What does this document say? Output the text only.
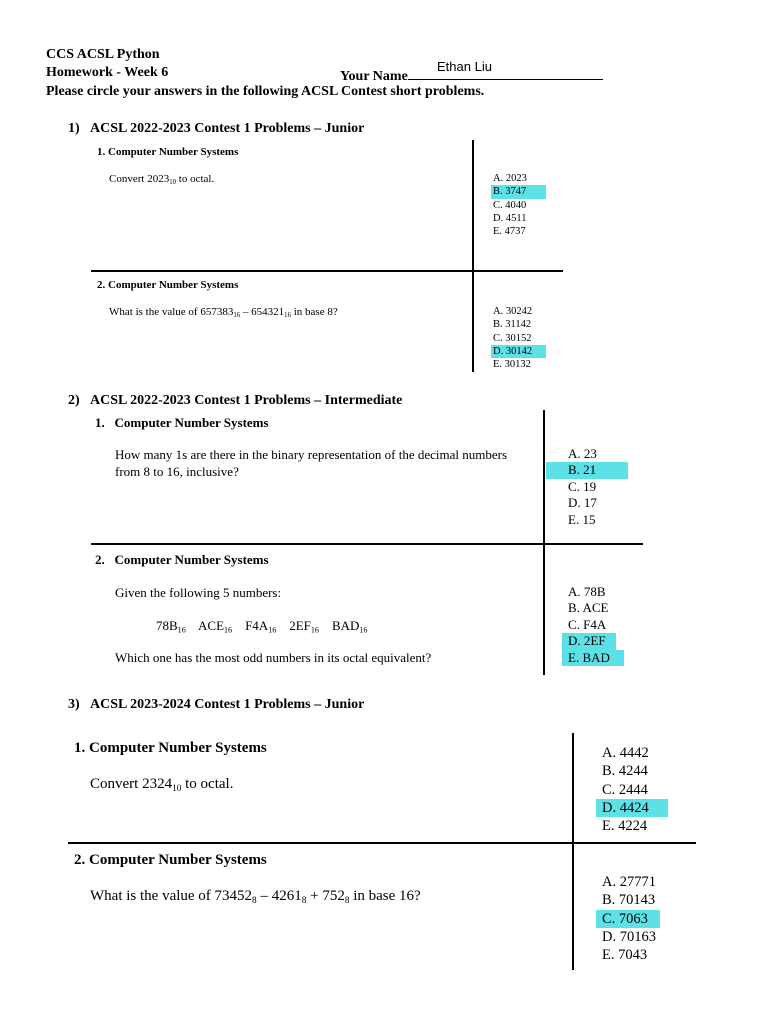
CCS ACSL Python
Homework - Week 6	Your Name
Ethan Liu
Please circle your answers in the following ACSL Contest short problems.
1) ACSL 2022-2023 Contest 1 Problems – Junior
1. Computer Number Systems
Convert $2023_{10}$ to octal.	A. 2023
B. 3747
C. 4040
D. 4511
E. 4737
2. Computer Number Systems
What is the value of $657383_{16} - 654321_{16}$ in base 8?	A. 30242
B. 31142
C. 30152
D. 30142
E. 30132
2) ACSL 2022-2023 Contest 1 Problems – Intermediate
1. Computer Number Systems
How many 1s are there in the binary representation of the decimal numbers
from 8 to 16, inclusive?
A. 23
B. 21
C. 19
D. 17
E. 15
2. Computer Number Systems
Given the following 5 numbers:
$78B_{16}$ $ACE_{16}$ $F4A_{16}$ $2EF_{16}$ $BAD_{16}$
Which one has the most odd numbers in its octal equivalent?
A. 78B
B. ACE
C. F4A
D. 2EF
E. BAD
3) ACSL 2023-2024 Contest 1 Problems – Junior
1. Computer Number Systems
Convert $2324_{10}$ to octal.
A. 4442
B. 4244
C. 2444
D. 4424
E. 4224
2. Computer Number Systems
What is the value of $73452_8 - 4261_8 + 752_8$ in base 16?
A. 27771
B. 70143
C. 7063
D. 70163
E. 7043
